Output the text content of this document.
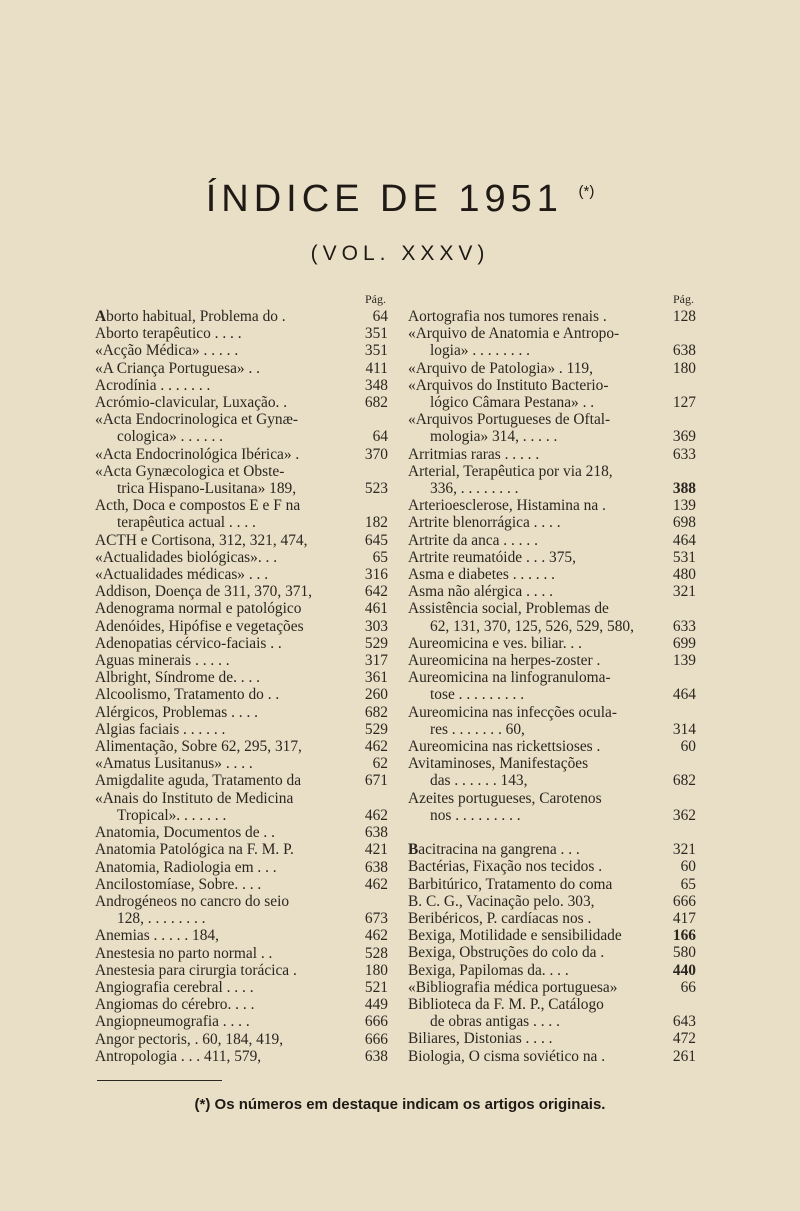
ÍNDICE DE 1951 (*)
(VOL. XXXV)
Pág.
Aborto habitual, Problema do .	64
Aborto terapêutico . . . .	351
«Acção Médica» . . . . .	351
«A Criança Portuguesa» . .	411
Acrodínia . . . . . . .	348
Acrómio-clavicular, Luxação. .	682
«Acta Endocrinologica et Gynæ-
cologica» . . . . . .	64
«Acta Endocrinológica Ibérica» .	370
«Acta Gynæcologica et Obste-
trica Hispano-Lusitana» 189,	523
Acth, Doca e compostos E e F na
terapêutica actual . . . .	182
ACTH e Cortisona, 312, 321, 474,	645
«Actualidades biológicas». . .	65
«Actualidades médicas» . . .	316
Addison, Doença de 311, 370, 371,	642
Adenograma normal e patológico	461
Adenóides, Hipófise e vegetações	303
Adenopatias cérvico-faciais . .	529
Aguas minerais . . . . .	317
Albright, Síndrome de. . . .	361
Alcoolismo, Tratamento do . .	260
Alérgicos, Problemas . . . .	682
Algias faciais . . . . . .	529
Alimentação, Sobre 62, 295, 317,	462
«Amatus Lusitanus» . . . .	62
Amigdalite aguda, Tratamento da	671
«Anais do Instituto de Medicina
Tropical». . . . . . .	462
Anatomia, Documentos de . .	638
Anatomia Patológica na F. M. P.	421
Anatomia, Radiologia em . . .	638
Ancilostomíase, Sobre. . . .	462
Androgéneos no cancro do seio
128, . . . . . . . .	673
Anemias . . . . . 184,	462
Anestesia no parto normal . .	528
Anestesia para cirurgia torácica .	180
Angiografia cerebral . . . .	521
Angiomas do cérebro. . . .	449
Angiopneumografia . . . .	666
Angor pectoris, . 60, 184, 419,	666
Antropologia . . . 411, 579,	638
Pág.
Aortografia nos tumores renais .	128
«Arquivo de Anatomia e Antropo-
logia» . . . . . . . .	638
«Arquivo de Patologia» . 119,	180
«Arquivos do Instituto Bacterio-
lógico Câmara Pestana» . .	127
«Arquivos Portugueses de Oftal-
mologia» 314, . . . . .	369
Arritmias raras . . . . .	633
Arterial, Terapêutica por via 218,
336, . . . . . . . .	388
Arterioesclerose, Histamina na .	139
Artrite blenorrágica . . . .	698
Artrite da anca . . . . .	464
Artrite reumatóide . . . 375,	531
Asma e diabetes . . . . . .	480
Asma não alérgica . . . .	321
Assistência social, Problemas de
62, 131, 370, 125, 526, 529, 580,	633
Aureomicina e ves. biliar. . .	699
Aureomicina na herpes-zoster .	139
Aureomicina na linfogranuloma-
tose . . . . . . . . .	464
Aureomicina nas infecções ocula-
res . . . . . . . 60,	314
Aureomicina nas rickettsioses .	60
Avitaminoses, Manifestações
das . . . . . . 143,	682
Azeites portugueses, Carotenos
nos . . . . . . . . .	362
Bacitracina na gangrena . . .	321
Bactérias, Fixação nos tecidos .	60
Barbitúrico, Tratamento do coma	65
B. C. G., Vacinação pelo. 303,	666
Beribéricos, P. cardíacas nos .	417
Bexiga, Motilidade e sensibilidade	166
Bexiga, Obstruções do colo da .	580
Bexiga, Papilomas da. . . .	440
«Bibliografia médica portuguesa»	66
Biblioteca da F. M. P., Catálogo
de obras antigas . . . .	643
Biliares, Distonias . . . .	472
Biologia, O cisma soviético na .	261
(*) Os números em destaque indicam os artigos originais.
